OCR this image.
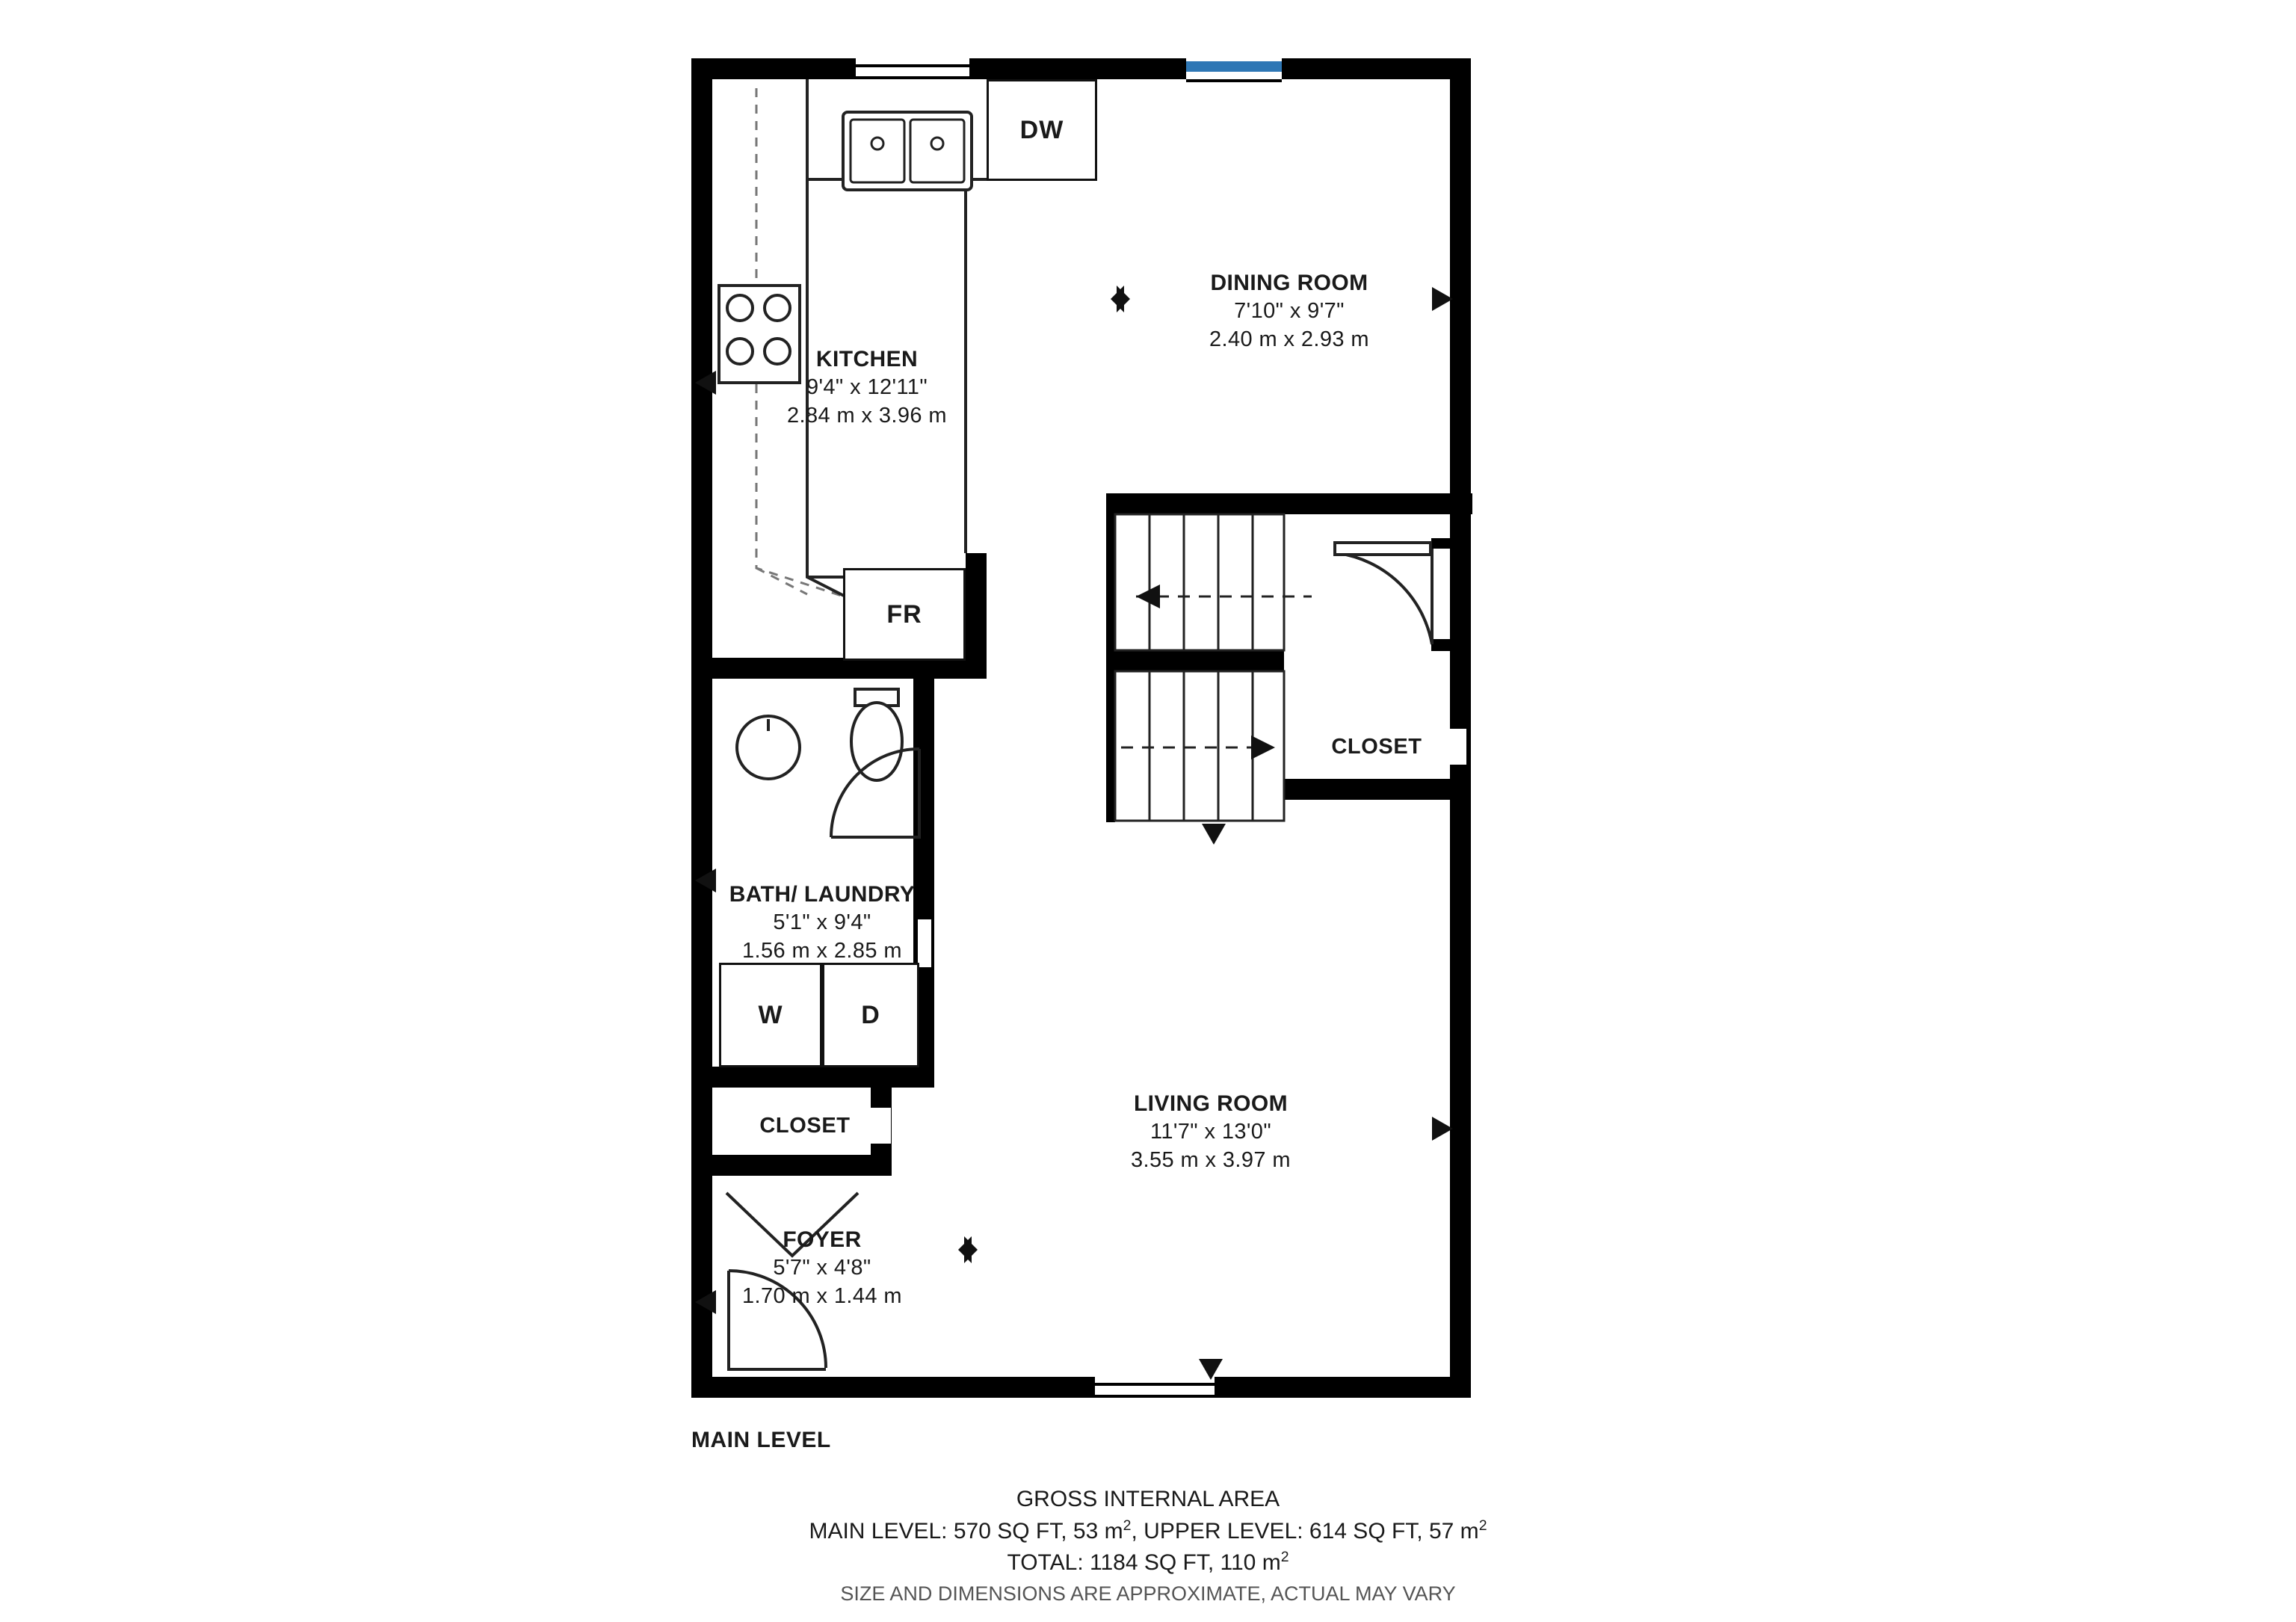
DW
FR
W	D
CLOSET
CLOSET
KITCHEN
9'4" x 12'11"
2.84 m x 3.96 m
DINING ROOM
7'10" x 9'7"
2.40 m x 2.93 m
BATH/ LAUNDRY
5'1" x 9'4"
1.56 m x 2.85 m
LIVING ROOM
11'7" x 13'0"
3.55 m x 3.97 m
FOYER
5'7" x 4'8"
1.70 m x 1.44 m
MAIN LEVEL
GROSS INTERNAL AREA
MAIN LEVEL: 570 SQ FT, 53 $m^2$, UPPER LEVEL: 614 SQ FT, 57 $m^2$
TOTAL: 1184 SQ FT, 110 $m^2$
SIZE AND DIMENSIONS ARE APPROXIMATE, ACTUAL MAY VARY
